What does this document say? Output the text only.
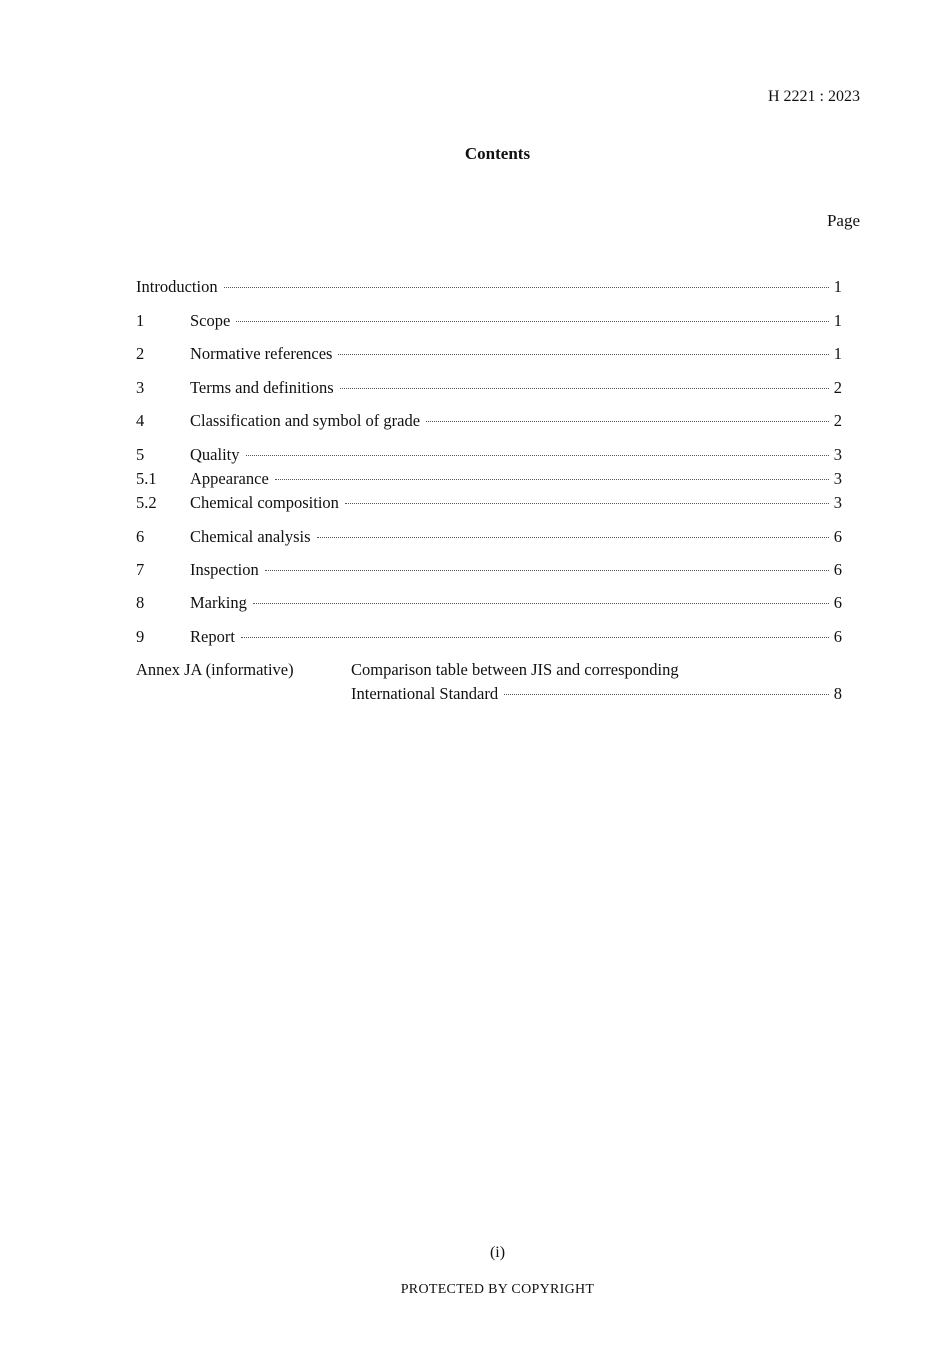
H 2221 : 2023
Contents
Page
Introduction	1
1	Scope	1
2	Normative references	1
3	Terms and definitions	2
4	Classification and symbol of grade	2
5	Quality	3
5.1	Appearance	3
5.2	Chemical composition	3
6	Chemical analysis	6
7	Inspection	6
8	Marking	6
9	Report	6
Annex JA (informative)	Comparison table between JIS and corresponding
International Standard	8
(i)
PROTECTED BY COPYRIGHT
